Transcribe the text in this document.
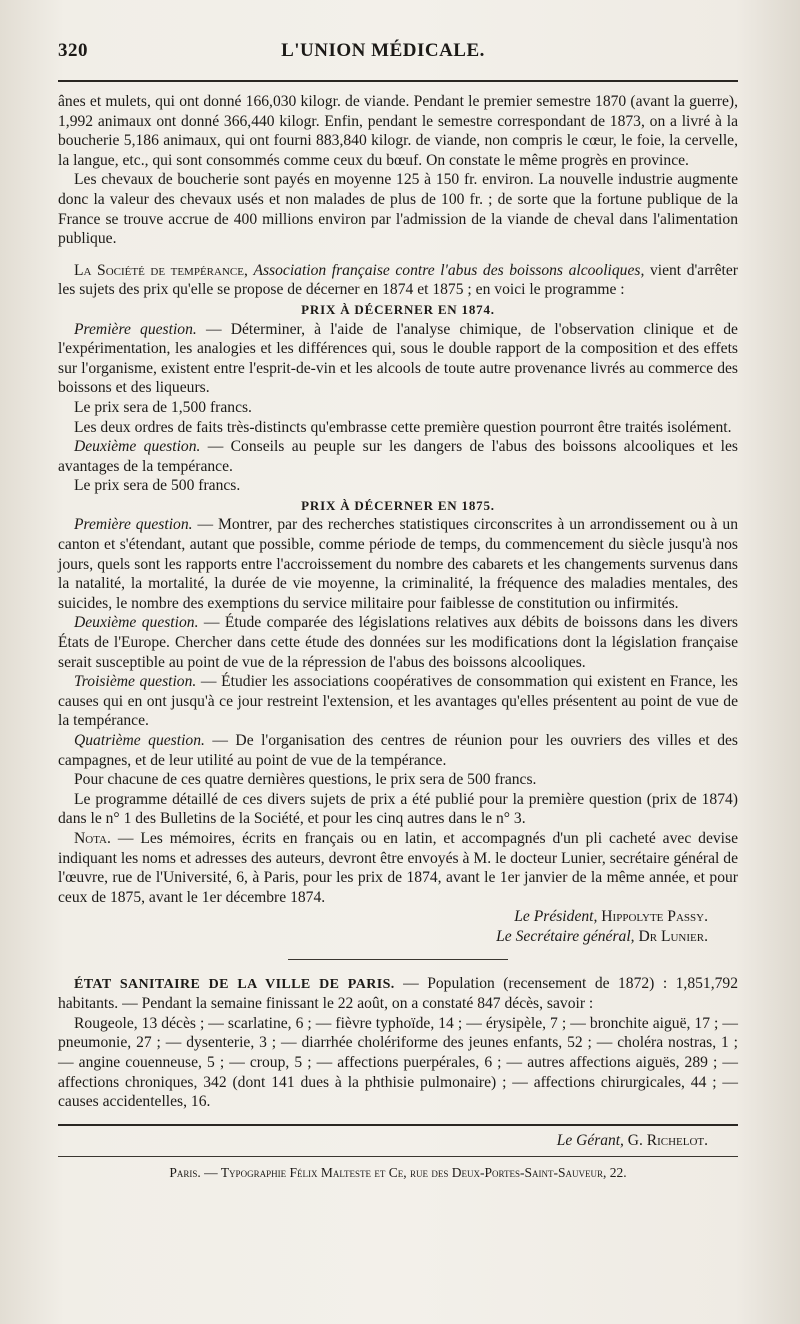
320	L'UNION MÉDICALE.

ânes et mulets, qui ont donné 166,030 kilogr. de viande. Pendant le premier semestre 1870 (avant la guerre), 1,992 animaux ont donné 366,440 kilogr. Enfin, pendant le semestre correspondant de 1873, on a livré à la boucherie 5,186 animaux, qui ont fourni 883,840 kilogr. de viande, non compris le cœur, le foie, la cervelle, la langue, etc., qui sont consommés comme ceux du bœuf. On constate le même progrès en province.

Les chevaux de boucherie sont payés en moyenne 125 à 150 fr. environ. La nouvelle industrie augmente donc la valeur des chevaux usés et non malades de plus de 100 fr. ; de sorte que la fortune publique de la France se trouve accrue de 400 millions environ par l'admission de la viande de cheval dans l'alimentation publique.

La Société de tempérance, Association française contre l'abus des boissons alcooliques, vient d'arrêter les sujets des prix qu'elle se propose de décerner en 1874 et 1875 ; en voici le programme :

PRIX À DÉCERNER EN 1874.

Première question. — Déterminer, à l'aide de l'analyse chimique, de l'observation clinique et de l'expérimentation, les analogies et les différences qui, sous le double rapport de la composition et des effets sur l'organisme, existent entre l'esprit-de-vin et les alcools de toute autre provenance livrés au commerce des boissons et des liqueurs.

Le prix sera de 1,500 francs.

Les deux ordres de faits très-distincts qu'embrasse cette première question pourront être traités isolément.

Deuxième question. — Conseils au peuple sur les dangers de l'abus des boissons alcooliques et les avantages de la tempérance.

Le prix sera de 500 francs.

PRIX À DÉCERNER EN 1875.

Première question. — Montrer, par des recherches statistiques circonscrites à un arrondissement ou à un canton et s'étendant, autant que possible, comme période de temps, du commencement du siècle jusqu'à nos jours, quels sont les rapports entre l'accroissement du nombre des cabarets et les changements survenus dans la natalité, la mortalité, la durée de vie moyenne, la criminalité, la fréquence des maladies mentales, des suicides, le nombre des exemptions du service militaire pour faiblesse de constitution ou infirmités.

Deuxième question. — Étude comparée des législations relatives aux débits de boissons dans les divers États de l'Europe. Chercher dans cette étude des données sur les modifications dont la législation française serait susceptible au point de vue de la répression de l'abus des boissons alcooliques.

Troisième question. — Étudier les associations coopératives de consommation qui existent en France, les causes qui en ont jusqu'à ce jour restreint l'extension, et les avantages qu'elles présentent au point de vue de la tempérance.

Quatrième question. — De l'organisation des centres de réunion pour les ouvriers des villes et des campagnes, et de leur utilité au point de vue de la tempérance.

Pour chacune de ces quatre dernières questions, le prix sera de 500 francs.

Le programme détaillé de ces divers sujets de prix a été publié pour la première question (prix de 1874) dans le n° 1 des Bulletins de la Société, et pour les cinq autres dans le n° 3.

Nota. — Les mémoires, écrits en français ou en latin, et accompagnés d'un pli cacheté avec devise indiquant les noms et adresses des auteurs, devront être envoyés à M. le docteur Lunier, secrétaire général de l'œuvre, rue de l'Université, 6, à Paris, pour les prix de 1874, avant le 1er janvier de la même année, et pour ceux de 1875, avant le 1er décembre 1874.

Le Président, Hippolyte Passy.

Le Secrétaire général, Dr Lunier.

ÉTAT SANITAIRE DE LA VILLE DE PARIS. — Population (recensement de 1872) : 1,851,792 habitants. — Pendant la semaine finissant le 22 août, on a constaté 847 décès, savoir :

Rougeole, 13 décès ; — scarlatine, 6 ; — fièvre typhoïde, 14 ; — érysipèle, 7 ; — bronchite aiguë, 17 ; — pneumonie, 27 ; — dysenterie, 3 ; — diarrhée cholériforme des jeunes enfants, 52 ; — choléra nostras, 1 ; — angine couenneuse, 5 ; — croup, 5 ; — affections puerpérales, 6 ; — autres affections aiguës, 289 ; — affections chroniques, 342 (dont 141 dues à la phthisie pulmonaire) ; — affections chirurgicales, 44 ; — causes accidentelles, 16.

Le Gérant, G. Richelot.
Paris. — Typographie Félix Malteste et Ce, rue des Deux-Portes-Saint-Sauveur, 22.
